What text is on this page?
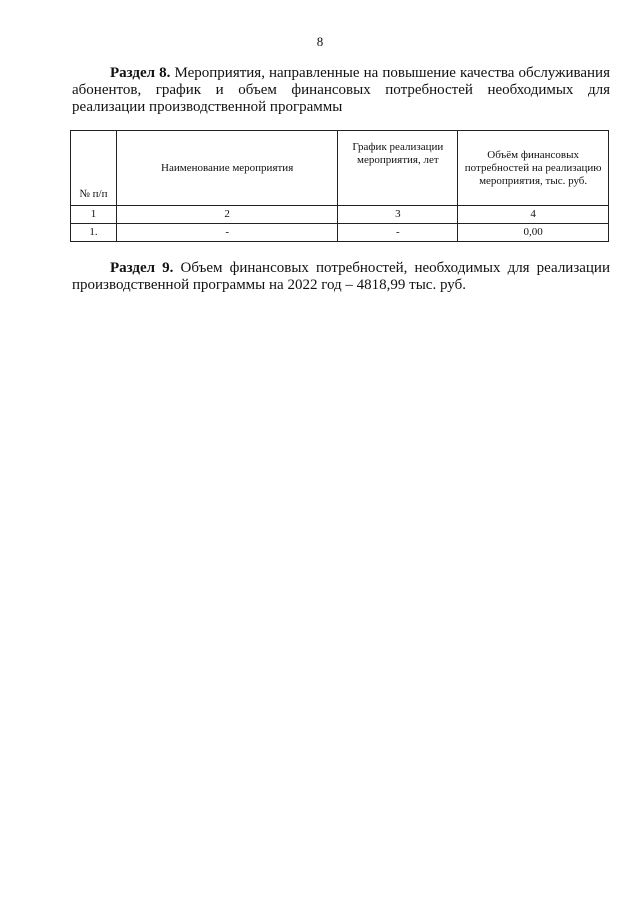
8
Раздел 8. Мероприятия, направленные на повышение качества обслуживания абонентов, график и объем финансовых потребностей необходимых для реализации производственной программы
№ п/п	Наименование мероприятия	График реализации мероприятия, лет	Объём финансовых потребностей на реализацию мероприятия, тыс. руб.
1	2	3	4
1.	-	-	0,00
Раздел 9. Объем финансовых потребностей, необходимых для реализации производственной программы на 2022 год – 4818,99 тыс. руб.
